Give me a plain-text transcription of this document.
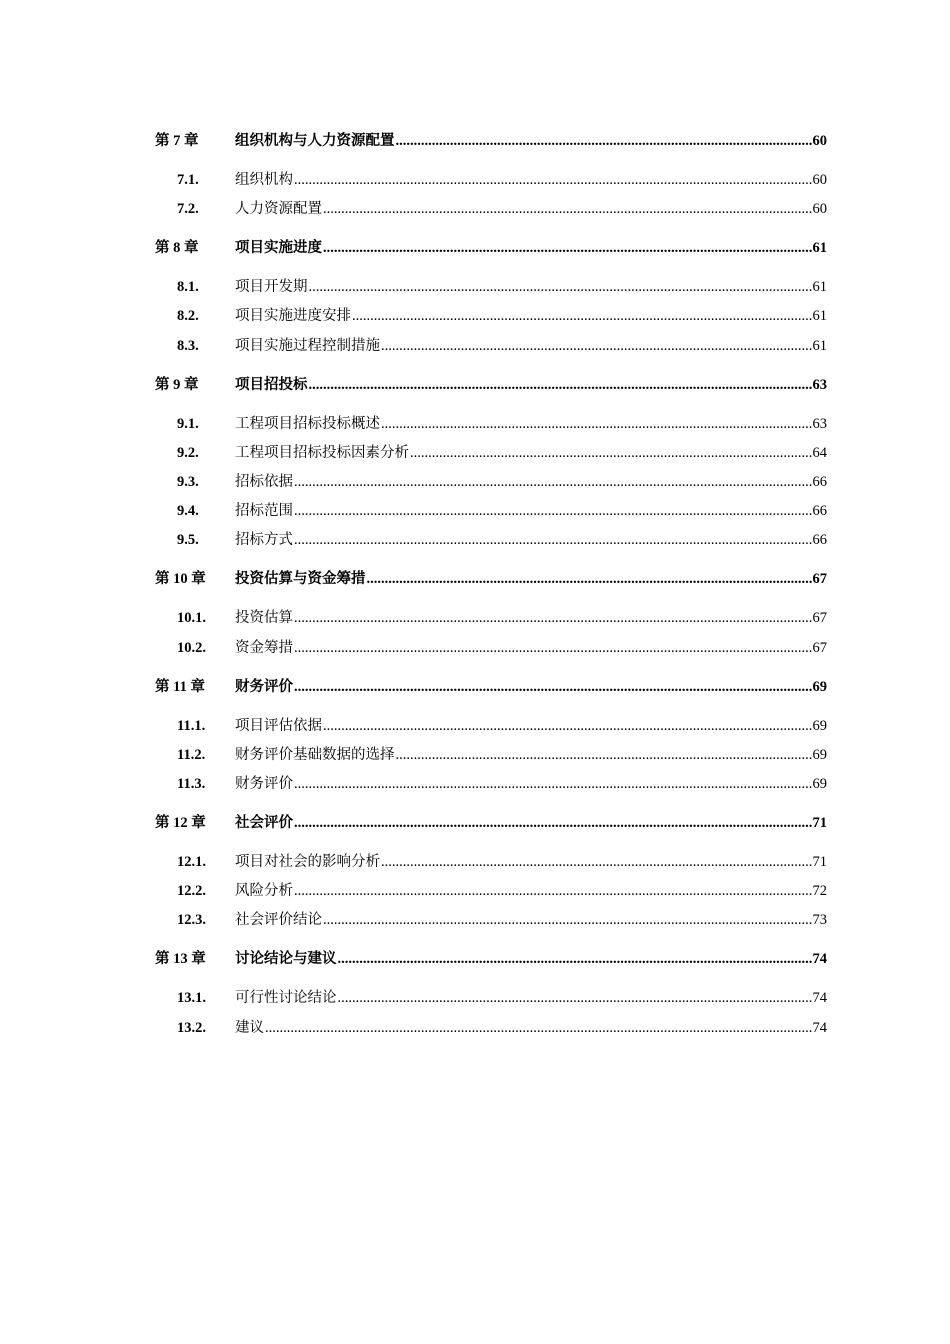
第 7 章	组织机构与人力资源配置 .....	60
7.1.	组织机构 .....	60
7.2.	人力资源配置 .....	60
第 8 章	项目实施进度 .....	61
8.1.	项目开发期 .....	61
8.2.	项目实施进度安排 .....	61
8.3.	项目实施过程控制措施 .....	61
第 9 章	项目招投标 .....	63
9.1.	工程项目招标投标概述 .....	63
9.2.	工程项目招标投标因素分析 .....	64
9.3.	招标依据 .....	66
9.4.	招标范围 .....	66
9.5.	招标方式 .....	66
第 10 章	投资估算与资金筹措 .....	67
10.1.	投资估算 .....	67
10.2.	资金筹措 .....	67
第 11 章	财务评价 .....	69
11.1.	项目评估依据 .....	69
11.2.	财务评价基础数据的选择 .....	69
11.3.	财务评价 .....	69
第 12 章	社会评价 .....	71
12.1.	项目对社会的影响分析 .....	71
12.2.	风险分析 .....	72
12.3.	社会评价结论 .....	73
第 13 章	讨论结论与建议 .....	74
13.1.	可行性讨论结论 .....	74
13.2.	建议 .....	74
